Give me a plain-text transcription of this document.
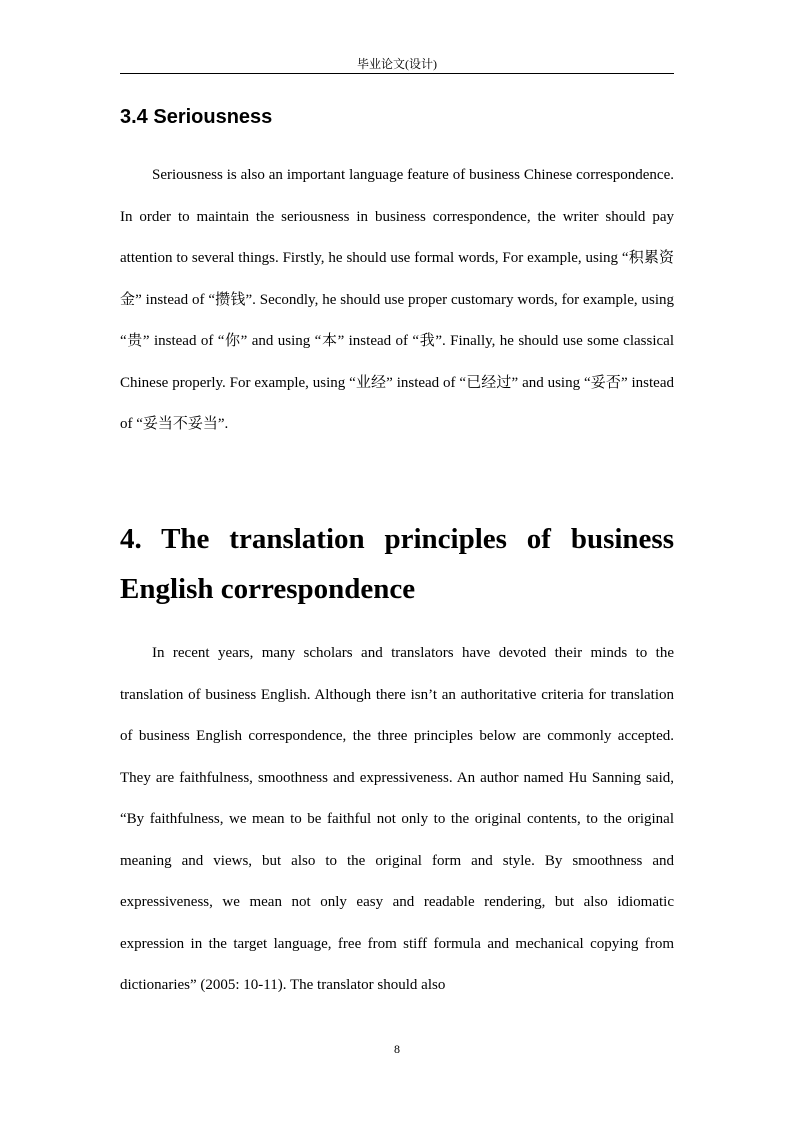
毕业论文(设计)
3.4 Seriousness

Seriousness is also an important language feature of business Chinese correspondence. In order to maintain the seriousness in business correspondence, the writer should pay attention to several things. Firstly, he should use formal words, For example, using “积累资金” instead of “攒钱”. Secondly, he should use proper customary words, for example, using “贵” instead of “你” and using “本” instead of “我”. Finally, he should use some classical Chinese properly. For example, using “业经” instead of “已经过” and using “妥否” instead of “妥当不妥当”.

4. The translation principles of business English correspondence

In recent years, many scholars and translators have devoted their minds to the translation of business English. Although there isn’t an authoritative criteria for translation of business English correspondence, the three principles below are commonly accepted. They are faithfulness, smoothness and expressiveness. An author named Hu Sanning said, “By faithfulness, we mean to be faithful not only to the original contents, to the original meaning and views, but also to the original form and style. By smoothness and expressiveness, we mean not only easy and readable rendering, but also idiomatic expression in the target language, free from stiff formula and mechanical copying from dictionaries” (2005: 10-11). The translator should also

8
